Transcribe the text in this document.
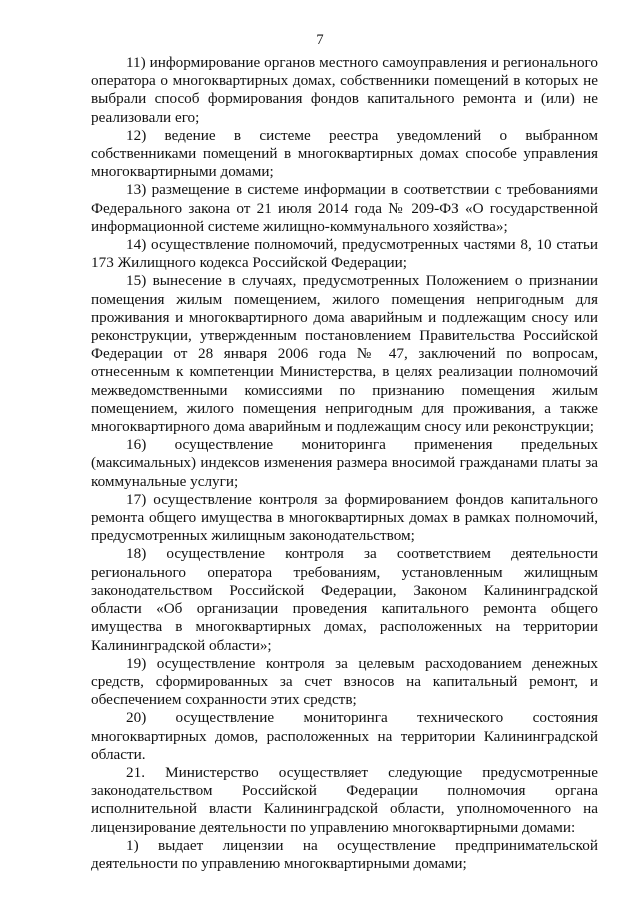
7

11) информирование органов местного самоуправления и регионального оператора о многоквартирных домах, собственники помещений в которых не выбрали способ формирования фондов капитального ремонта и (или) не реализовали его;

12) ведение в системе реестра уведомлений о выбранном собственниками помещений в многоквартирных домах способе управления многоквартирными домами;

13) размещение в системе информации в соответствии с требованиями Федерального закона от 21 июля 2014 года № 209-ФЗ «О государственной информационной системе жилищно-коммунального хозяйства»;

14) осуществление полномочий, предусмотренных частями 8, 10 статьи 173 Жилищного кодекса Российской Федерации;

15) вынесение в случаях, предусмотренных Положением о признании помещения жилым помещением, жилого помещения непригодным для проживания и многоквартирного дома аварийным и подлежащим сносу или реконструкции, утвержденным постановлением Правительства Российской Федерации от 28 января 2006 года № 47, заключений по вопросам, отнесенным к компетенции Министерства, в целях реализации полномочий межведомственными комиссиями по признанию помещения жилым помещением, жилого помещения непригодным для проживания, а также многоквартирного дома аварийным и подлежащим сносу или реконструкции;

16) осуществление мониторинга применения предельных (максимальных) индексов изменения размера вносимой гражданами платы за коммунальные услуги;

17) осуществление контроля за формированием фондов капитального ремонта общего имущества в многоквартирных домах в рамках полномочий, предусмотренных жилищным законодательством;

18) осуществление контроля за соответствием деятельности регионального оператора требованиям, установленным жилищным законодательством Российской Федерации, Законом Калининградской области «Об организации проведения капитального ремонта общего имущества в многоквартирных домах, расположенных на территории Калининградской области»;

19) осуществление контроля за целевым расходованием денежных средств, сформированных за счет взносов на капитальный ремонт, и обеспечением сохранности этих средств;

20) осуществление мониторинга технического состояния многоквартирных домов, расположенных на территории Калининградской области.

21. Министерство осуществляет следующие предусмотренные законодательством Российской Федерации полномочия органа исполнительной власти Калининградской области, уполномоченного на лицензирование деятельности по управлению многоквартирными домами:

1) выдает лицензии на осуществление предпринимательской деятельности по управлению многоквартирными домами;
